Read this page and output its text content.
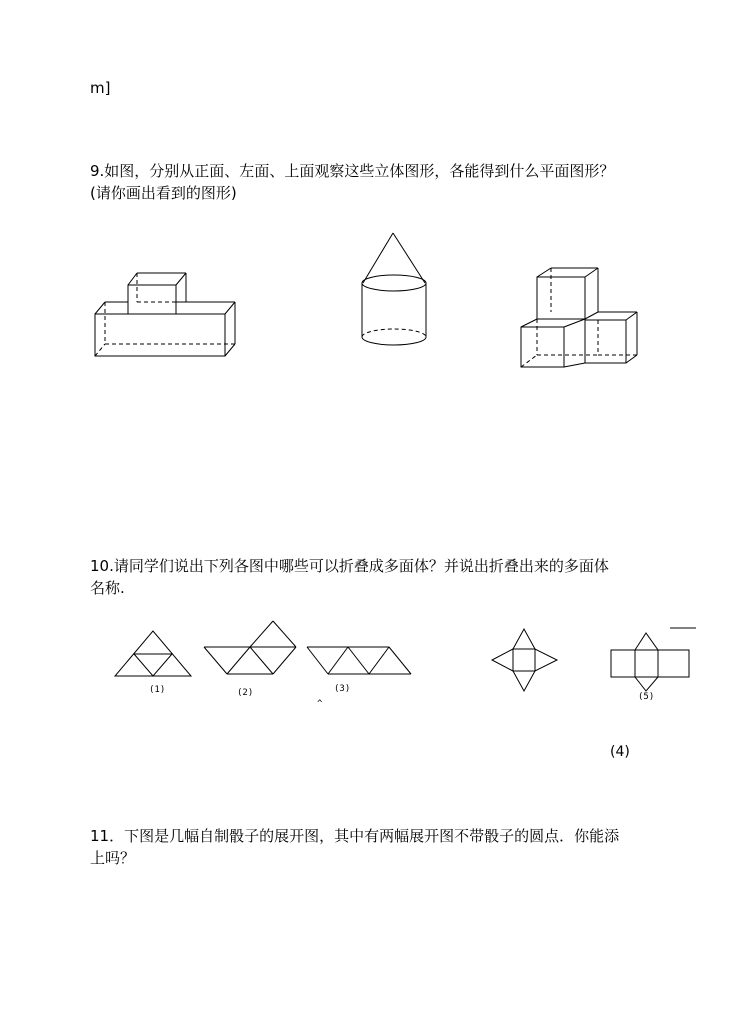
m]
9.如图，分别从正面、左面、上面观察这些立体图形，各能得到什么平面图形？
(请你画出看到的图形)
10.请同学们说出下列各图中哪些可以折叠成多面体？并说出折叠出来的多面体
名称.
(1)	(2)	(3)
(5)
^
(4)
11．下图是几幅自制骰子的展开图，其中有两幅展开图不带骰子的圆点．你能添
上吗？
